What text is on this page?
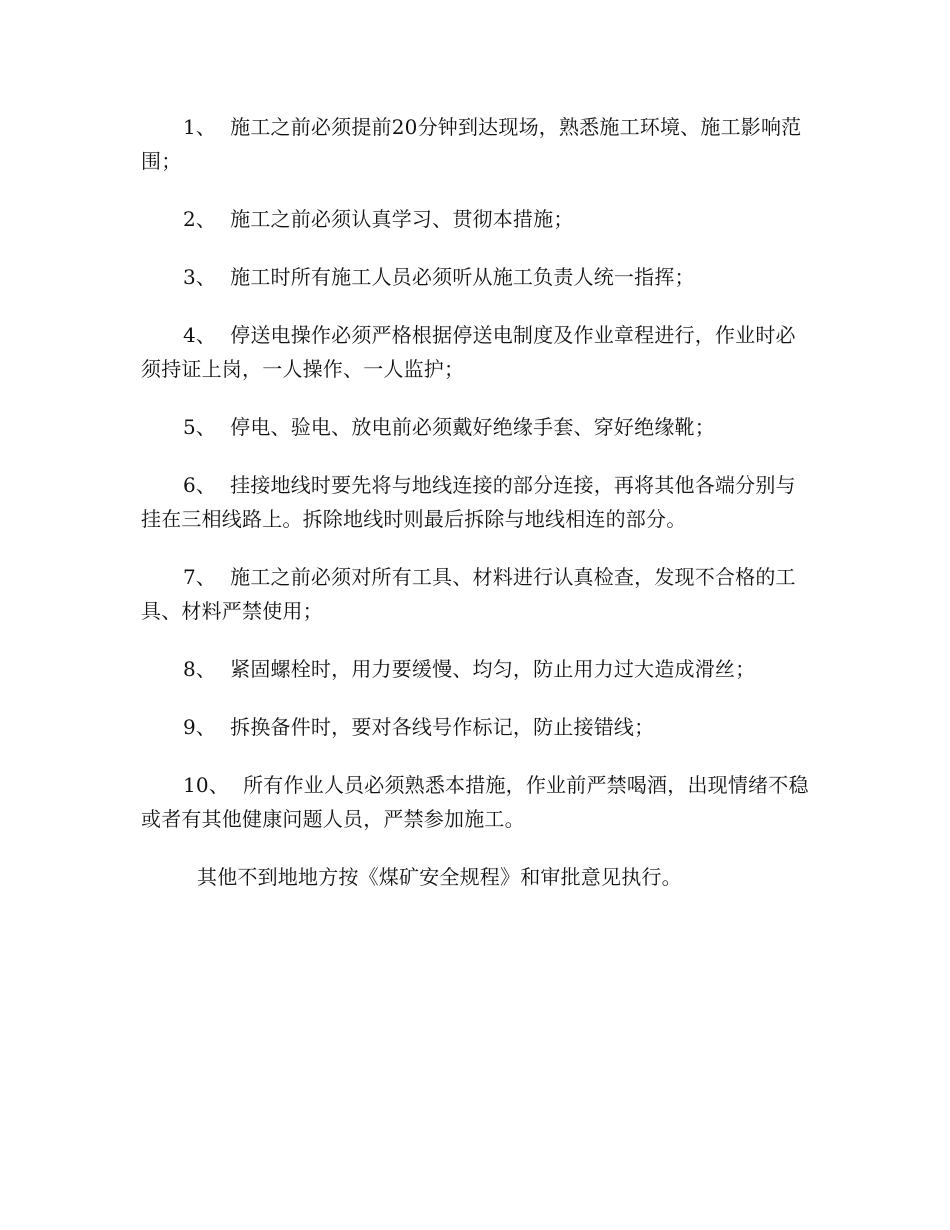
1、 施工之前必须提前20分钟到达现场，熟悉施工环境、施工影响范围；

2、 施工之前必须认真学习、贯彻本措施；

3、 施工时所有施工人员必须听从施工负责人统一指挥；

4、 停送电操作必须严格根据停送电制度及作业章程进行，作业时必须持证上岗，一人操作、一人监护；

5、 停电、验电、放电前必须戴好绝缘手套、穿好绝缘靴；

6、 挂接地线时要先将与地线连接的部分连接，再将其他各端分别与挂在三相线路上。拆除地线时则最后拆除与地线相连的部分。

7、 施工之前必须对所有工具、材料进行认真检查，发现不合格的工具、材料严禁使用；

8、 紧固螺栓时，用力要缓慢、均匀，防止用力过大造成滑丝；

9、 拆换备件时，要对各线号作标记，防止接错线；

10、 所有作业人员必须熟悉本措施，作业前严禁喝酒，出现情绪不稳或者有其他健康问题人员，严禁参加施工。

其他不到地地方按《煤矿安全规程》和审批意见执行。
